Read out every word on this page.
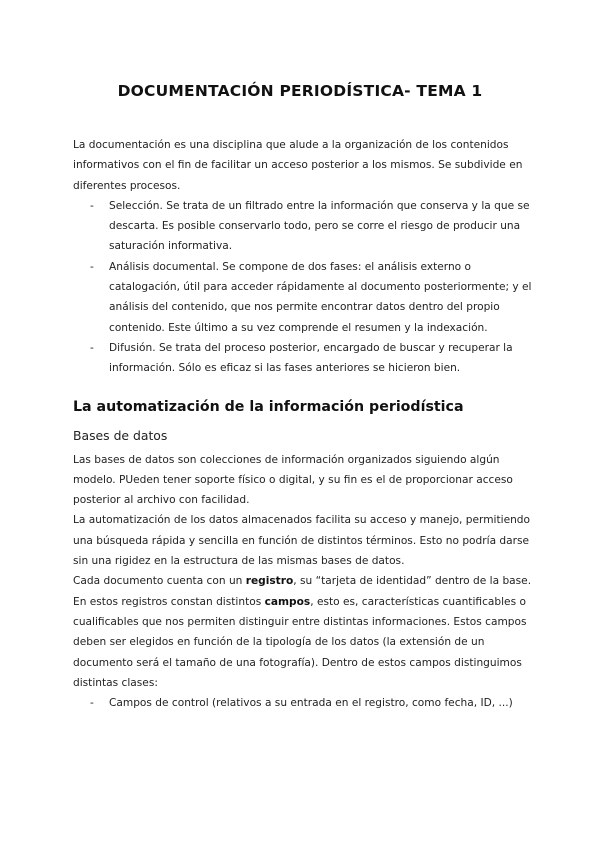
DOCUMENTACIÓN PERIODÍSTICA- TEMA 1

La documentación es una disciplina que alude a la organización de los contenidos informativos con el fin de facilitar un acceso posterior a los mismos. Se subdivide en diferentes procesos.

- Selección. Se trata de un filtrado entre la información que conserva y la que se descarta. Es posible conservarlo todo, pero se corre el riesgo de producir una saturación informativa.
- Análisis documental. Se compone de dos fases: el análisis externo o catalogación, útil para acceder rápidamente al documento posteriormente; y el análisis del contenido, que nos permite encontrar datos dentro del propio contenido. Este último a su vez comprende el resumen y la indexación.
- Difusión. Se trata del proceso posterior, encargado de buscar y recuperar la información. Sólo es eficaz si las fases anteriores se hicieron bien.
La automatización de la información periodística
Bases de datos

Las bases de datos son colecciones de información organizados siguiendo algún modelo. PUeden tener soporte físico o digital, y su fin es el de proporcionar acceso posterior al archivo con facilidad.

La automatización de los datos almacenados facilita su acceso y manejo, permitiendo una búsqueda rápida y sencilla en función de distintos términos. Esto no podría darse sin una rigidez en la estructura de las mismas bases de datos.

Cada documento cuenta con un registro, su “tarjeta de identidad” dentro de la base. En estos registros constan distintos campos, esto es, características cuantificables o cualificables que nos permiten distinguir entre distintas informaciones. Estos campos deben ser elegidos en función de la tipología de los datos (la extensión de un documento será el tamaño de una fotografía). Dentro de estos campos distinguimos distintas clases:

- Campos de control (relativos a su entrada en el registro, como fecha, ID, ...)
